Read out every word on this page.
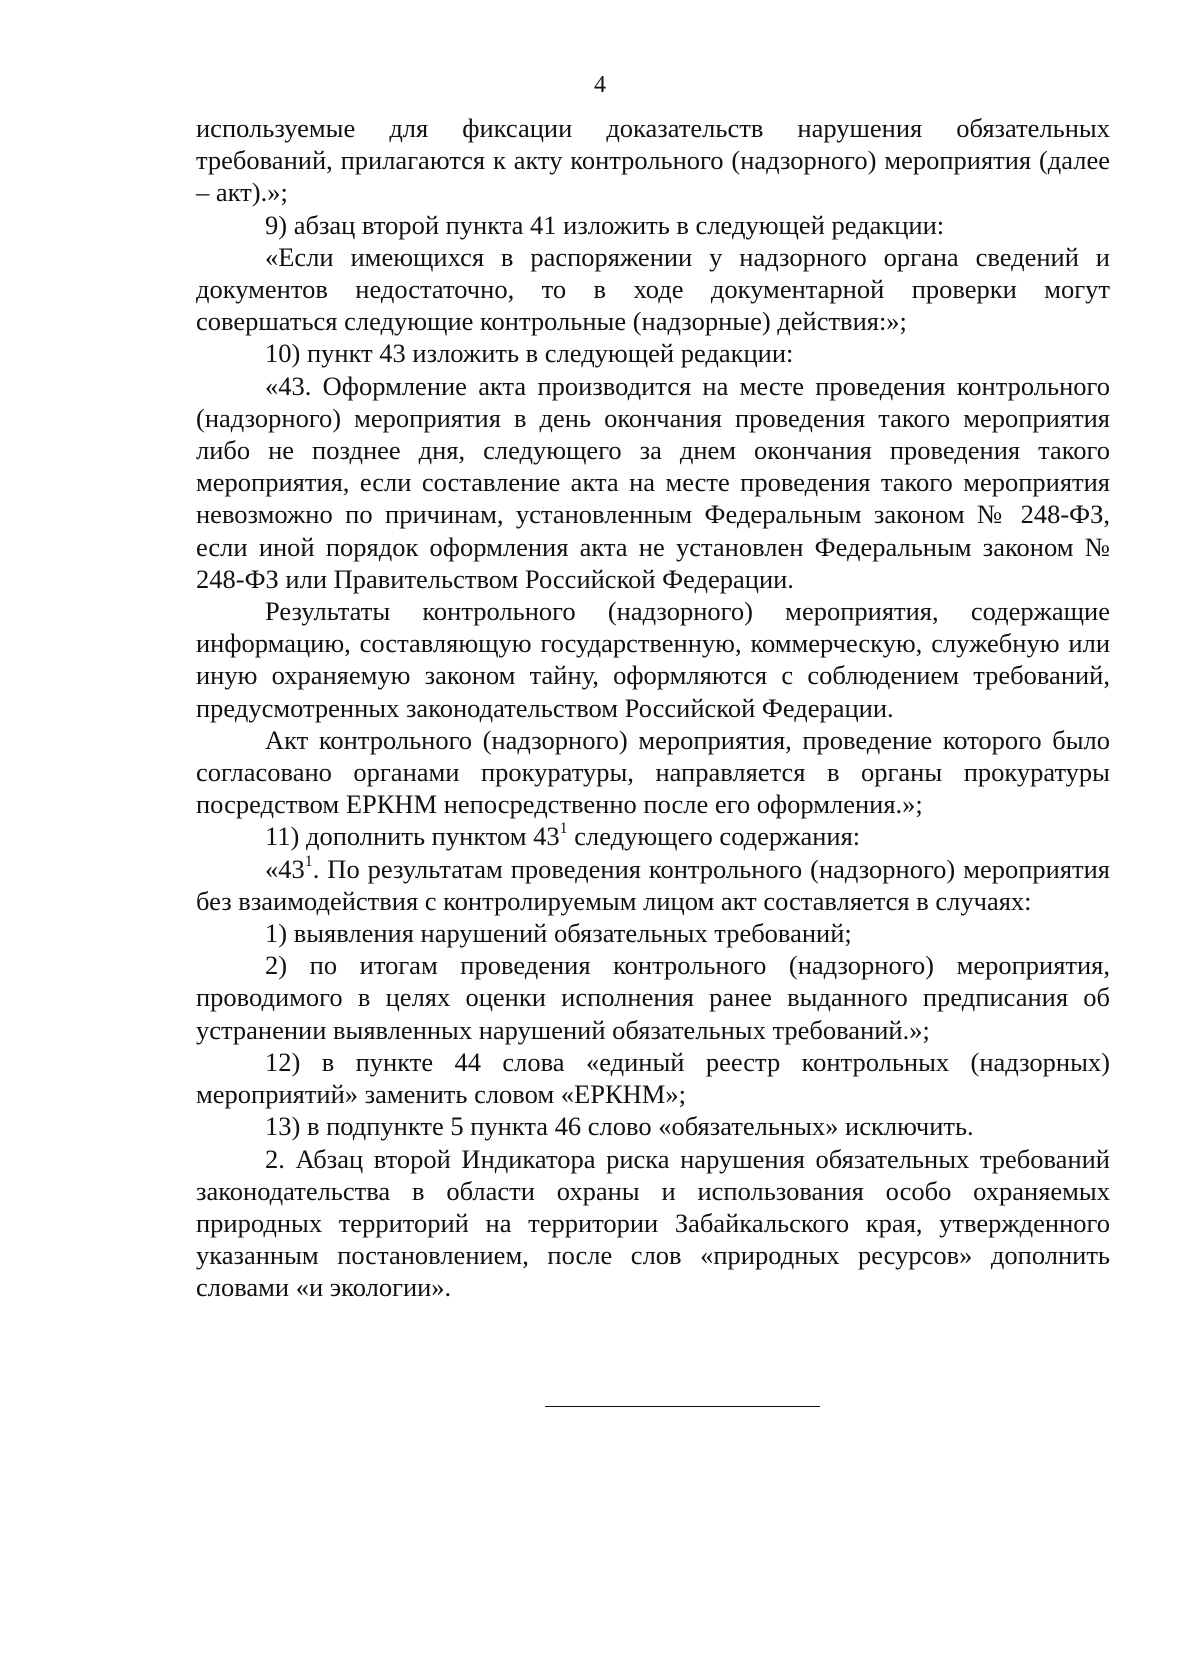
4

используемые для фиксации доказательств нарушения обязательных требований, прилагаются к акту контрольного (надзорного) мероприятия (далее – акт).»;

9) абзац второй пункта 41 изложить в следующей редакции:

«Если имеющихся в распоряжении у надзорного органа сведений и документов недостаточно, то в ходе документарной проверки могут совершаться следующие контрольные (надзорные) действия:»;

10) пункт 43 изложить в следующей редакции:

«43. Оформление акта производится на месте проведения контрольного (надзорного) мероприятия в день окончания проведения такого мероприятия либо не позднее дня, следующего за днем окончания проведения такого мероприятия, если составление акта на месте проведения такого мероприятия невозможно по причинам, установленным Федеральным законом № 248-ФЗ, если иной порядок оформления акта не установлен Федеральным законом № 248-ФЗ или Правительством Российской Федерации.

Результаты контрольного (надзорного) мероприятия, содержащие информацию, составляющую государственную, коммерческую, служебную или иную охраняемую законом тайну, оформляются с соблюдением требований, предусмотренных законодательством Российской Федерации.

Акт контрольного (надзорного) мероприятия, проведение которого было согласовано органами прокуратуры, направляется в органы прокуратуры посредством ЕРКНМ непосредственно после его оформления.»;

11) дополнить пунктом $43^1$ следующего содержания:

«$43^1$. По результатам проведения контрольного (надзорного) мероприятия без взаимодействия с контролируемым лицом акт составляется в случаях:

1) выявления нарушений обязательных требований;

2) по итогам проведения контрольного (надзорного) мероприятия, проводимого в целях оценки исполнения ранее выданного предписания об устранении выявленных нарушений обязательных требований.»;

12) в пункте 44 слова «единый реестр контрольных (надзорных) мероприятий» заменить словом «ЕРКНМ»;

13) в подпункте 5 пункта 46 слово «обязательных» исключить.

2. Абзац второй Индикатора риска нарушения обязательных требований законодательства в области охраны и использования особо охраняемых природных территорий на территории Забайкальского края, утвержденного указанным постановлением, после слов «природных ресурсов» дополнить словами «и экологии».
